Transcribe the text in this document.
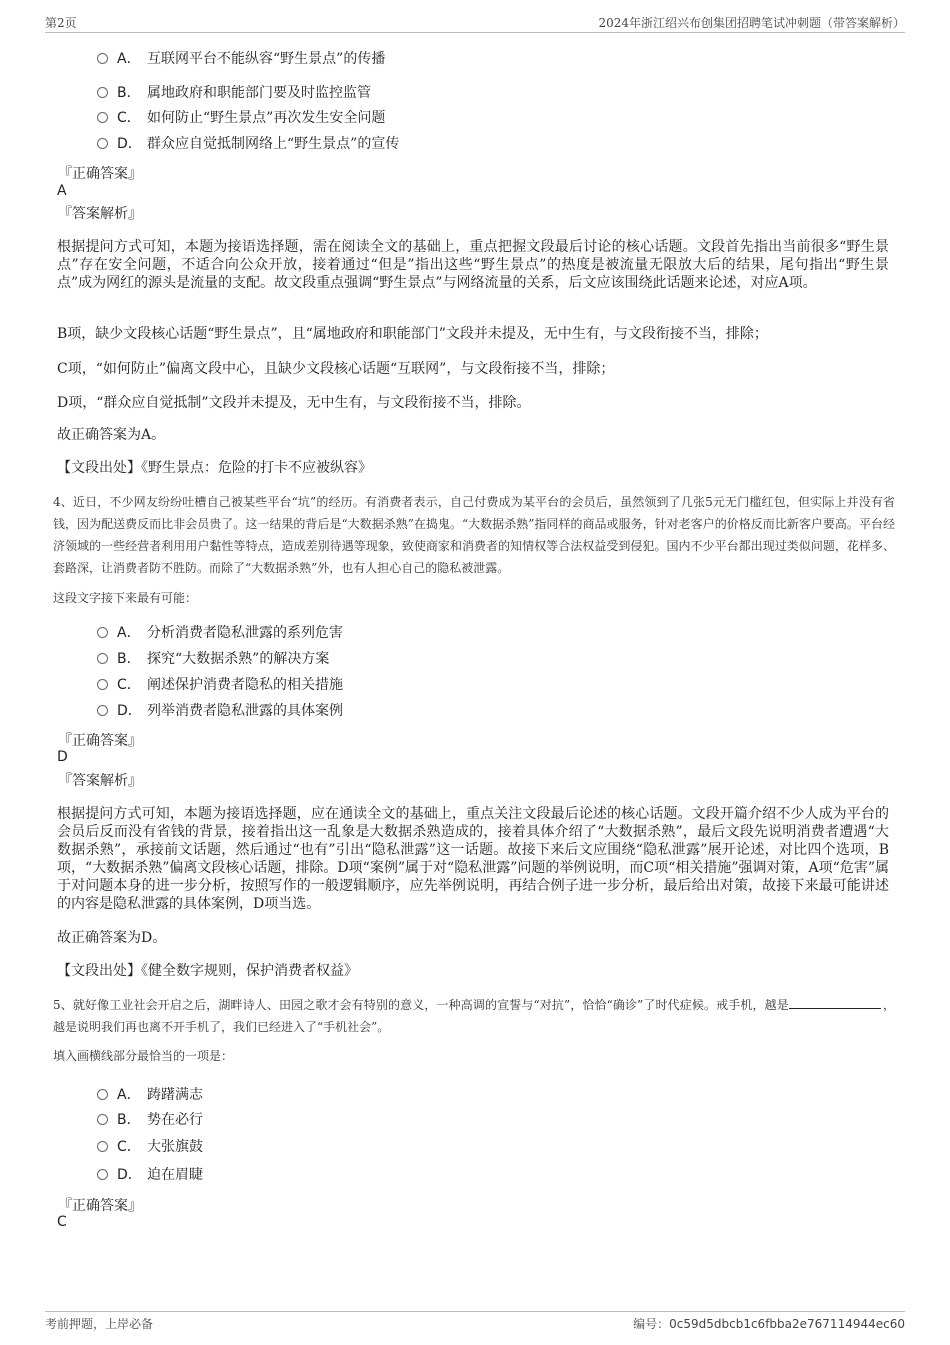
第2页	2024年浙江绍兴布创集团招聘笔试冲刺题（带答案解析）
A． 互联网平台不能纵容“野生景点”的传播
B． 属地政府和职能部门要及时监控监管
C． 如何防止“野生景点”再次发生安全问题
D． 群众应自觉抵制网络上“野生景点”的宣传
『正确答案』
A
『答案解析』
根据提问方式可知，本题为接语选择题，需在阅读全文的基础上，重点把握文段最后讨论的核心话题。文段首先指出当前很多“野生景点”存在安全问题，不适合向公众开放，接着通过“但是”指出这些“野生景点”的热度是被流量无限放大后的结果，尾句指出“野生景点”成为网红的源头是流量的支配。故文段重点强调“野生景点”与网络流量的关系，后文应该围绕此话题来论述，对应A项。
B项，缺少文段核心话题“野生景点”，且“属地政府和职能部门”文段并未提及，无中生有，与文段衔接不当，排除；
C项，“如何防止”偏离文段中心，且缺少文段核心话题“互联网”，与文段衔接不当，排除；
D项，“群众应自觉抵制”文段并未提及，无中生有，与文段衔接不当，排除。
故正确答案为A。
【文段出处】《野生景点：危险的打卡不应被纵容》
4、近日，不少网友纷纷吐槽自己被某些平台“坑”的经历。有消费者表示，自己付费成为某平台的会员后，虽然领到了几张5元无门槛红包，但实际上并没有省钱，因为配送费反而比非会员贵了。这一结果的背后是“大数据杀熟”在捣鬼。“大数据杀熟”指同样的商品或服务，针对老客户的价格反而比新客户要高。平台经济领域的一些经营者利用用户黏性等特点，造成差别待遇等现象，致使商家和消费者的知情权等合法权益受到侵犯。国内不少平台都出现过类似问题，花样多、套路深，让消费者防不胜防。而除了“大数据杀熟”外，也有人担心自己的隐私被泄露。
这段文字接下来最有可能：
A． 分析消费者隐私泄露的系列危害
B． 探究“大数据杀熟”的解决方案
C． 阐述保护消费者隐私的相关措施
D． 列举消费者隐私泄露的具体案例
『正确答案』
D
『答案解析』
根据提问方式可知，本题为接语选择题，应在通读全文的基础上，重点关注文段最后论述的核心话题。文段开篇介绍不少人成为平台的会员后反而没有省钱的背景，接着指出这一乱象是大数据杀熟造成的，接着具体介绍了“大数据杀熟”，最后文段先说明消费者遭遇“大数据杀熟”，承接前文话题，然后通过“也有”引出“隐私泄露”这一话题。故接下来后文应围绕“隐私泄露”展开论述，对比四个选项，B项，“大数据杀熟”偏离文段核心话题，排除。D项“案例”属于对“隐私泄露”问题的举例说明，而C项“相关措施”强调对策，A项“危害”属于对问题本身的进一步分析，按照写作的一般逻辑顺序，应先举例说明，再结合例子进一步分析，最后给出对策，故接下来最可能讲述的内容是隐私泄露的具体案例，D项当选。
故正确答案为D。
【文段出处】《健全数字规则，保护消费者权益》
5、就好像工业社会开启之后，湖畔诗人、田园之歌才会有特别的意义，一种高调的宣誓与“对抗”，恰恰“确诊”了时代症候。戒手机，越是	，越是说明我们再也离不开手机了，我们已经进入了“手机社会”。
填入画横线部分最恰当的一项是：
A． 踌躇满志
B． 势在必行
C． 大张旗鼓
D． 迫在眉睫
『正确答案』
C
考前押题，上岸必备	编号：0c59d5dbcb1c6fbba2e767114944ec60
